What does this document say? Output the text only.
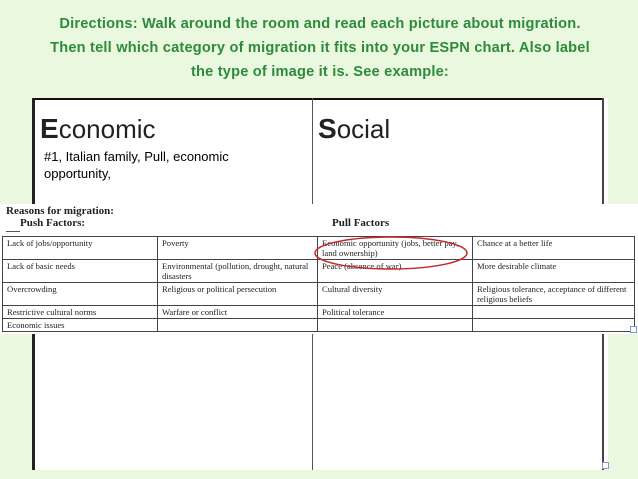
Directions: Walk around the room and read each picture about migration. Then tell which category of migration it fits into your ESPN chart. Also label the type of image it is. See example:
Economic	Social
#1, Italian family, Pull, economic opportunity,
Reasons for migration:
Push Factors:	Pull Factors
Lack of jobs/opportunity	Poverty	Economic opportunity (jobs, better pay, land ownership)	Chance at a better life
Lack of basic needs	Environmental (pollution, drought, natural disasters	Peace (absence of war)	More desirable climate
Overcrowding	Religious or political persecution	Cultural diversity	Religious tolerance, acceptance of different religious beliefs
Restrictive cultural norms	Warfare or conflict	Political tolerance	
Economic issues			
